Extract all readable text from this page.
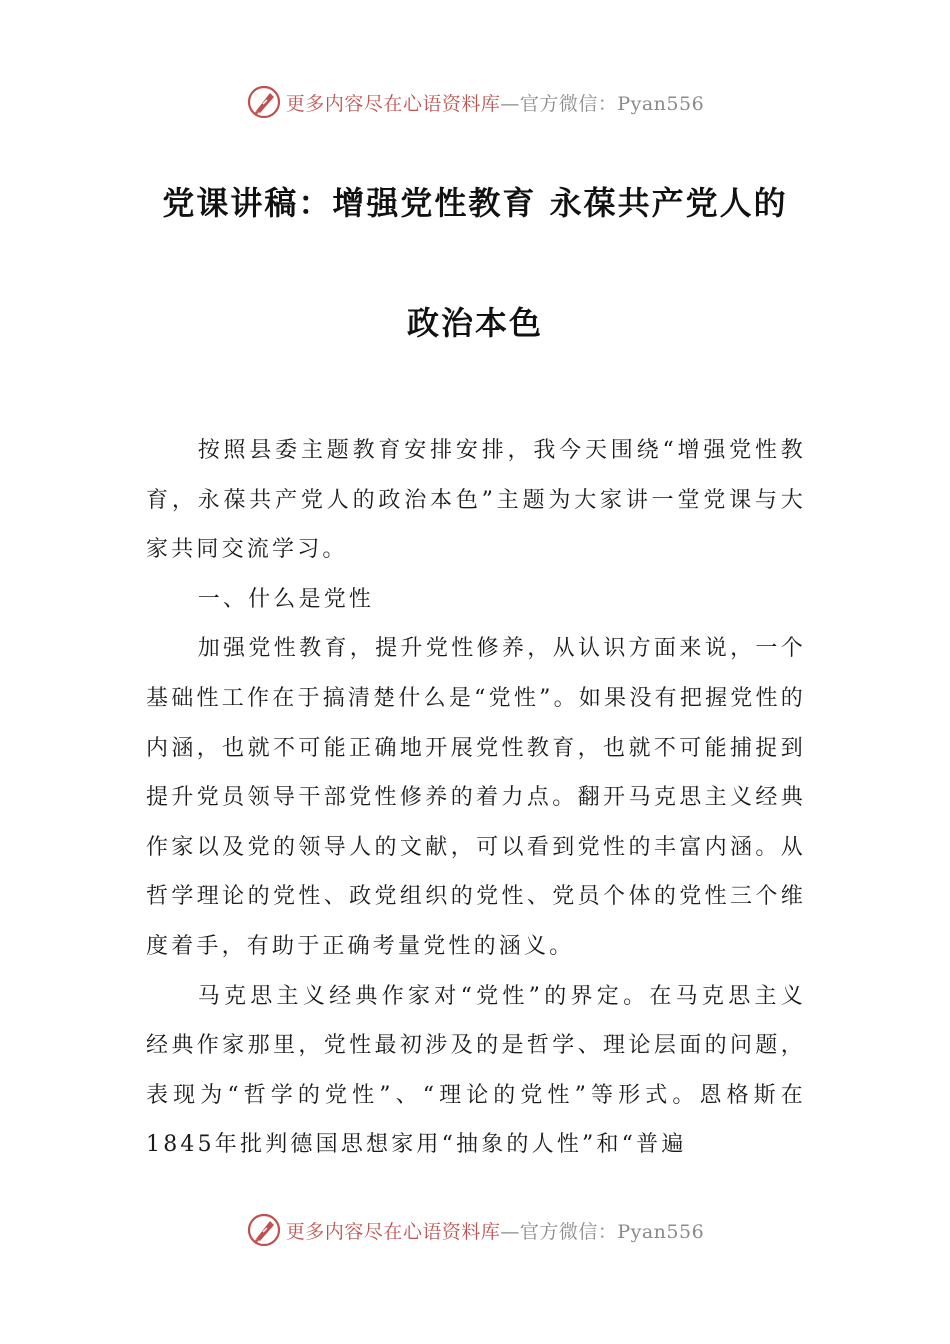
更多内容尽在心语资料库—官方微信：Pyan556
党课讲稿：增强党性教育 永葆共产党人的
政治本色

按照县委主题教育安排安排，我今天围绕“增强党性教育，永葆共产党人的政治本色”主题为大家讲一堂党课与大家共同交流学习。

一、什么是党性

加强党性教育，提升党性修养，从认识方面来说，一个基础性工作在于搞清楚什么是“党性”。如果没有把握党性的内涵，也就不可能正确地开展党性教育，也就不可能捕捉到提升党员领导干部党性修养的着力点。翻开马克思主义经典作家以及党的领导人的文献，可以看到党性的丰富内涵。从哲学理论的党性、政党组织的党性、党员个体的党性三个维度着手，有助于正确考量党性的涵义。

马克思主义经典作家对“党性”的界定。在马克思主义经典作家那里，党性最初涉及的是哲学、理论层面的问题，表现为“哲学的党性”、“理论的党性”等形式。恩格斯在1845年批判德国思想家用“抽象的人性”和“普遍

更多内容尽在心语资料库—官方微信：Pyan556
